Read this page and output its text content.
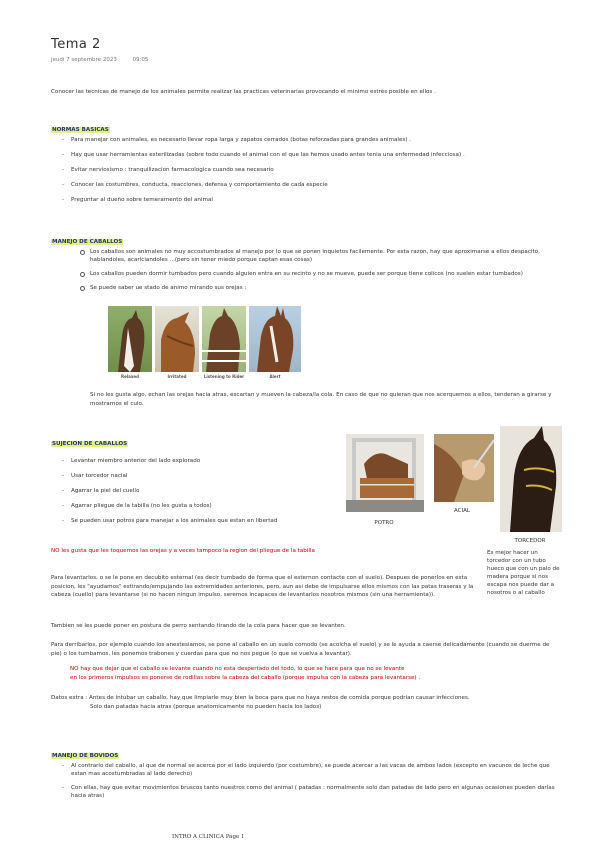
Tema 2
jeudi 7 septembre 2023	09:05
Conocer las tecnicas de manejo de los animales permite realizar las practicas veterinarias provocando el minimo estrés posible en ellos .
NORMAS BASICAS
- Para manejar con animales, es necesario llevar ropa larga y zapatos cerrados (botas reforzadas para grandes animales) .
- Hay que usar herramientas esterilizadas (sobre todo cuando el animal con el que las hemos usado antes tenia una enfermedad infecciosa) .
- Evitar nerviosismo : tranquilizacion farmacologica cuando sea necesario
- Conocer las costumbres, conducta, reacciones, defensa y comportamiento de cada especie
- Preguntar al dueño sobre temeramento del animal
MANEJO DE CABALLOS
Los caballos son animales no muy accostumbrados al manejo por lo que se ponen inquietos facilemente. Por esta razon, hay que aproximarse a ellos despacito, hablandoles, acariciandoles ...(pero sin tener miedo porque captan esas cosas)
Los caballos pueden dormir tumbados pero cuando alguien entra en su recinto y no se mueve, puede ser porque tiene colicos (no suelen estar tumbados)
Se puede saber ue stado de animo mirando sus orejas :
Relaxed	Irritated	Listening to Rider	Alert
Si no les gusta algo, echan las orejas hacia atras, escartan y mueven la cabeza/la cola. En caso de que no quieran que nos acerquemos a ellos, tenderan a girarse y mostrarnos el culo.
SUJECION DE CABALLOS
- Levantar miembro anterior del lado explorado
- Usar torcedor nacial
- Agarrar la piel del cuello
- Agarrar pliegue de la tabilla (no les gusta a todos)
- Se pueden usar potros para manejar a los animales que estan en libertad	POTRO
ACIAL
TORCEDOR
Es mejor hacer un torcedor con un tubo hueco que con un palo de madera porque si nos escapa nos puede dar a nosotros o al caballo
NO les gusta que les toquemos las orejas y a veces tampoco la region del pliegue de la tabilla
Para levantarlos, o se le pone en decubito esternal (es decir tumbado de forma que el esternon contacte con el suelo). Despues de ponerlos en esta posicion, les "ayudamos" estirando/empujando las extremidades anteriores, pero, aun asi debe de impulsarse ellos mismos con las patas traseras y la cabeza (cuello) para levantarse (si no hacen ningun impulso, seremos incapaces de levantarlos nosotros mismos (sin una herramienta)).
Tambien se les puede poner en postura de perro sentando tirando de la cola para hacer que se levanten.
Para derribarlos, por ejemplo cuando los anestesiamos, se pone al caballo en un suelo comodo (se acolcha el suelo) y se le ayuda a caerse delicadamente (cuando se duerme de pie) o los tumbamos, les ponemos trabones y cuerdas para que no nos pegue (o que se vuelva a levantar).
NO hay que dejar que el caballo se levante cuando no esta despertado del todo, lo que se hace para que no se levante
en los primeros impulsos es ponerse de rodillas sobre la cabeza del caballo (porque impulsa con la cabeza para levantarse) .
Datos extra : Antes de intubar un caballo, hay que limpiarle muy bien la boca para que no haya restos de comida porque podrian causar infecciones.
Solo dan patadas hacia atras (porque anatomicamente no pueden hacia los lados)
MANEJO DE BOVIDOS
- Al contrario del caballo, al que de normal se acerca por el lado izquierdo (por costumbre), se puede acercar a las vacas de ambos lados (excepto en vacunos de leche que estan mas acostumbradas al lado derecho)
- Con ellas, hay que evitar movimientos bruscos tanto nuestros como del animal ( patadas : normalmente solo dan patadas de lado pero en algunas ocasiones pueden darlas hacia atras)
INTRO A CLINICA Page 1
